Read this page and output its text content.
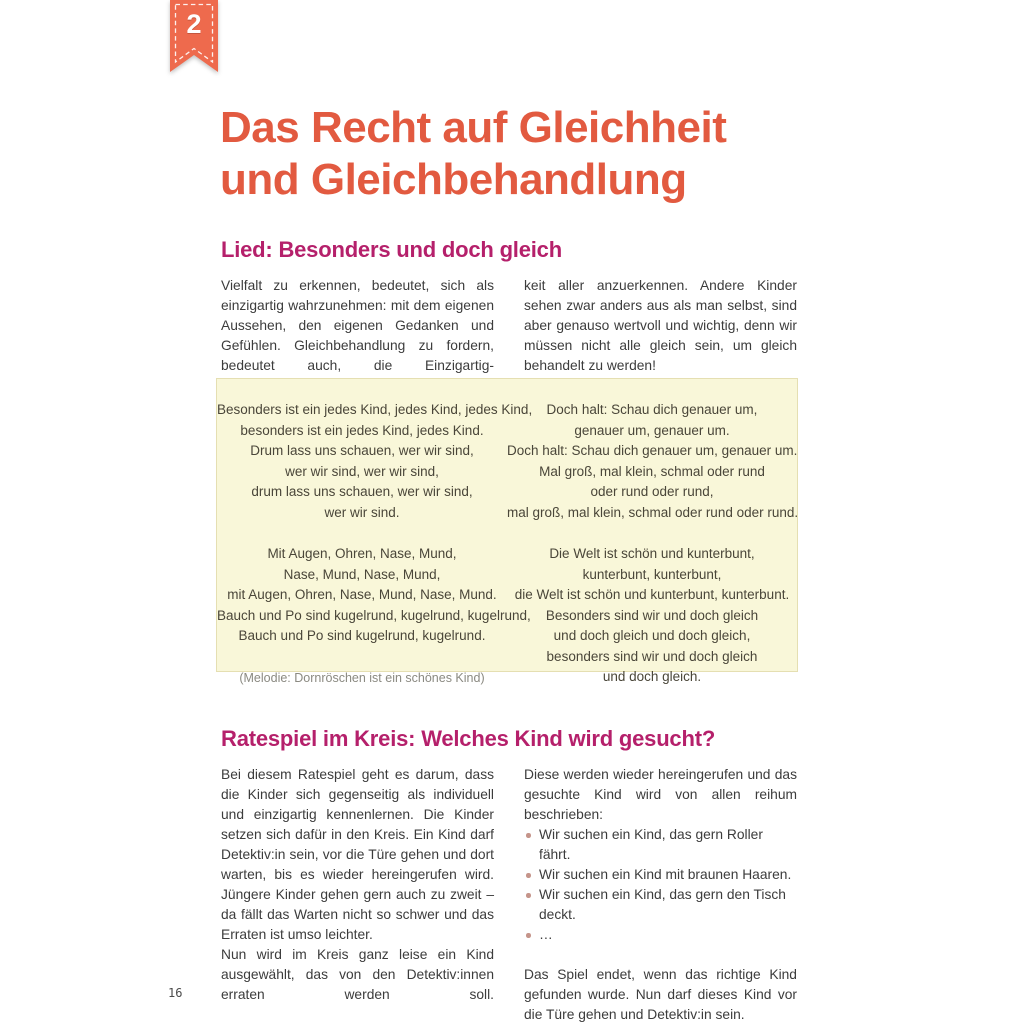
2
Das Recht auf Gleichheit
und Gleichbehandlung
Lied: Besonders und doch gleich
Vielfalt zu erkennen, bedeutet, sich als einzigartig wahrzunehmen: mit dem eigenen Aussehen, den eigenen Gedanken und Gefühlen. Gleichbehandlung zu fordern, bedeutet auch, die Einzigartig-
keit aller anzuerkennen. Andere Kinder sehen zwar anders aus als man selbst, sind aber genauso wertvoll und wichtig, denn wir müssen nicht alle gleich sein, um gleich behandelt zu werden!
Besonders ist ein jedes Kind, jedes Kind, jedes Kind,
besonders ist ein jedes Kind, jedes Kind.
Drum lass uns schauen, wer wir sind,
wer wir sind, wer wir sind,
drum lass uns schauen, wer wir sind,
wer wir sind.
Mit Augen, Ohren, Nase, Mund,
Nase, Mund, Nase, Mund,
mit Augen, Ohren, Nase, Mund, Nase, Mund.
Bauch und Po sind kugelrund, kugelrund, kugelrund,
Bauch und Po sind kugelrund, kugelrund.
(Melodie: Dornröschen ist ein schönes Kind)
Doch halt: Schau dich genauer um,
genauer um, genauer um.
Doch halt: Schau dich genauer um, genauer um.
Mal groß, mal klein, schmal oder rund
oder rund oder rund,
mal groß, mal klein, schmal oder rund oder rund.
Die Welt ist schön und kunterbunt,
kunterbunt, kunterbunt,
die Welt ist schön und kunterbunt, kunterbunt.
Besonders sind wir und doch gleich
und doch gleich und doch gleich,
besonders sind wir und doch gleich
und doch gleich.
Ratespiel im Kreis: Welches Kind wird gesucht?

Bei diesem Ratespiel geht es darum, dass die Kinder sich gegenseitig als individuell und einzigartig kennenlernen. Die Kinder setzen sich dafür in den Kreis. Ein Kind darf Detektiv:in sein, vor die Türe gehen und dort warten, bis es wieder hereingerufen wird. Jüngere Kinder gehen gern auch zu zweit – da fällt das Warten nicht so schwer und das Erraten ist umso leichter.

Nun wird im Kreis ganz leise ein Kind ausgewählt, das von den Detektiv:innen erraten werden soll.

Diese werden wieder hereingerufen und das gesuchte Kind wird von allen reihum beschrieben:

Wir suchen ein Kind, das gern Roller fährt.
Wir suchen ein Kind mit braunen Haaren.
Wir suchen ein Kind, das gern den Tisch deckt.
…

Das Spiel endet, wenn das richtige Kind gefunden wurde. Nun darf dieses Kind vor die Türe gehen und Detektiv:in sein.

16
